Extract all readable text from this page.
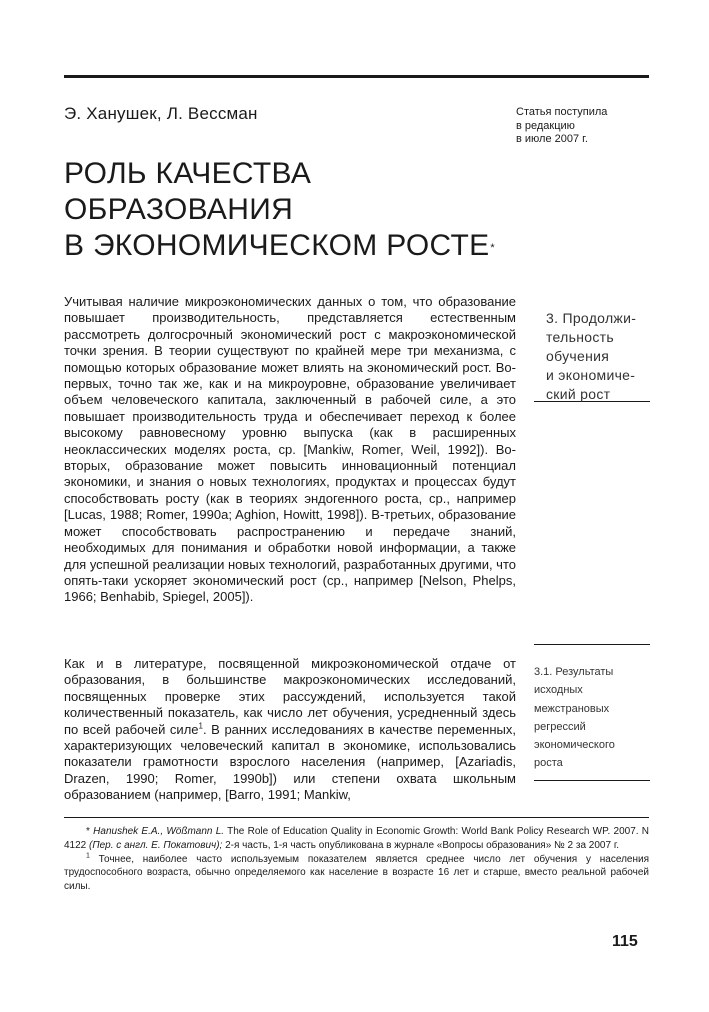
Э. Ханушек, Л. Вессман	Статья поступила
в редакцию
в июле 2007 г.
РОЛЬ КАЧЕСТВА
ОБРАЗОВАНИЯ
В ЭКОНОМИЧЕСКОМ РОСТЕ*
Учитывая наличие микроэкономических данных о том, что образование повышает производительность, представляется естественным рассмотреть долгосрочный экономический рост с макроэкономической точки зрения. В теории существуют по крайней мере три механизма, с помощью которых образование может влиять на экономический рост. Во-первых, точно так же, как и на микроуровне, образование увеличивает объем человеческого капитала, заключенный в рабочей силе, а это повышает производительность труда и обеспечивает переход к более высокому равновесному уровню выпуска (как в расширенных неоклассических моделях роста, ср. [Mankiw, Romer, Weil, 1992]). Во-вторых, образование может повысить инновационный потенциал экономики, и знания о новых технологиях, продуктах и процессах будут способствовать росту (как в теориях эндогенного роста, ср., например [Lucas, 1988; Romer, 1990a; Aghion, Howitt, 1998]). В-третьих, образование может способствовать распространению и передаче знаний, необходимых для понимания и обработки новой информации, а также для успешной реализации новых технологий, разработанных другими, что опять-таки ускоряет экономический рост (ср., например [Nelson, Phelps, 1966; Benhabib, Spiegel, 2005]).
3. Продолжи-
тельность
обучения
и экономиче-
ский рост
Как и в литературе, посвященной микроэкономической отдаче от образования, в большинстве макроэкономических исследований, посвященных проверке этих рассуждений, используется такой количественный показатель, как число лет обучения, усредненный здесь по всей рабочей силе$^1$. В ранних исследованиях в качестве переменных, характеризующих человеческий капитал в экономике, использовались показатели грамотности взрослого населения (например, [Azariadis, Drazen, 1990; Romer, 1990b]) или степени охвата школьным образованием (например, [Barro, 1991; Mankiw,
3.1. Результаты
исходных
межстрановых
регрессий
экономического
роста

* Hanushek E.A., Wößmann L. The Role of Education Quality in Economic Growth: World Bank Policy Research WP. 2007. N 4122 (Пер. с англ. Е. Покатович); 2-я часть, 1-я часть опубликована в журнале «Вопросы образования» № 2 за 2007 г.

$^1$ Точнее, наиболее часто используемым показателем является среднее число лет обучения у населения трудоспособного возраста, обычно определяемого как население в возрасте 16 лет и старше, вместо реальной рабочей силы.

115
